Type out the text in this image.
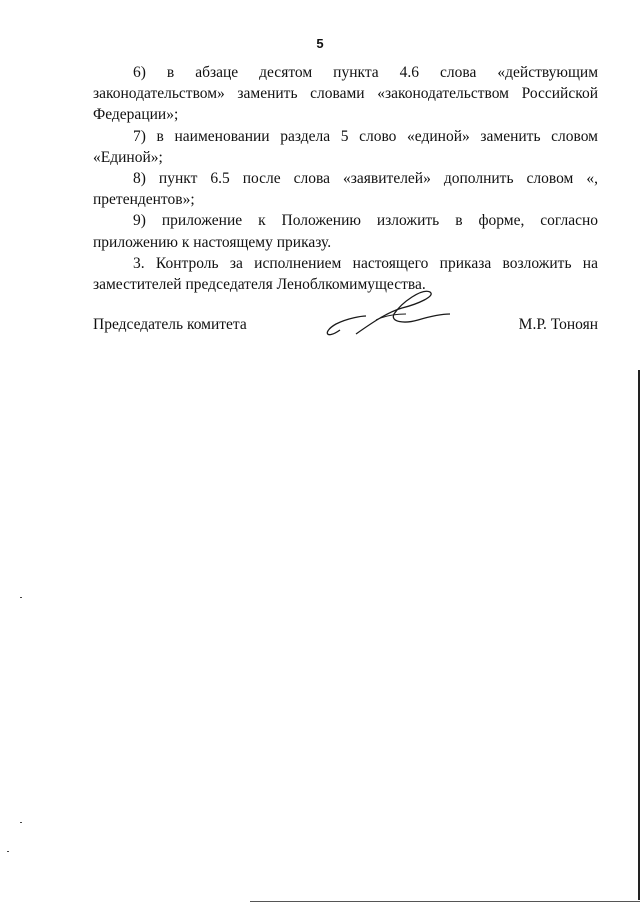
5

6) в абзаце десятом пункта 4.6 слова «действующим законодательством» заменить словами «законодательством Российской Федерации»;

7) в наименовании раздела 5 слово «единой» заменить словом «Единой»;

8) пункт 6.5 после слова «заявителей» дополнить словом «, претендентов»;

9) приложение к Положению изложить в форме, согласно приложению к настоящему приказу.

3. Контроль за исполнением настоящего приказа возложить на заместителей председателя Леноблкомимущества.

Председатель комитета	М.Р. Тоноян
